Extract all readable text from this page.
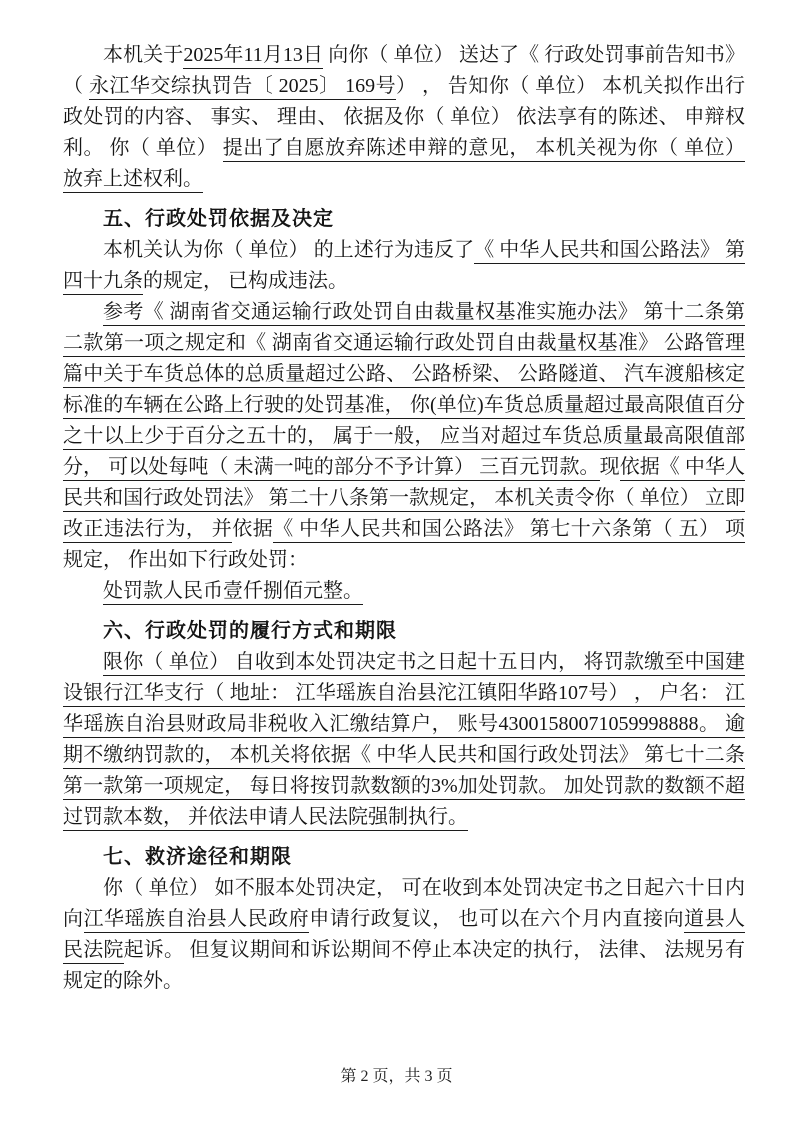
本机关于2025年11月13日 向你（ 单位） 送达了《 行政处罚事前告知书》（ 永江华交综执罚告〔 2025〕 169号） ， 告知你（ 单位） 本机关拟作出行政处罚的内容、 事实、 理由、 依据及你（ 单位） 依法享有的陈述、 申辩权利。 你（ 单位） 提出了自愿放弃陈述申辩的意见， 本机关视为你（ 单位） 放弃上述权利。

五、行政处罚依据及决定

本机关认为你（ 单位） 的上述行为违反了《 中华人民共和国公路法》 第四十九条的规定， 已构成违法。

参考《 湖南省交通运输行政处罚自由裁量权基准实施办法》 第十二条第二款第一项之规定和《 湖南省交通运输行政处罚自由裁量权基准》 公路管理篇中关于车货总体的总质量超过公路、 公路桥梁、 公路隧道、 汽车渡船核定标准的车辆在公路上行驶的处罚基准， 你(单位)车货总质量超过最高限值百分之十以上少于百分之五十的， 属于一般， 应当对超过车货总质量最高限值部分， 可以处每吨（ 未满一吨的部分不予计算） 三百元罚款。现依据《 中华人民共和国行政处罚法》 第二十八条第一款规定， 本机关责令你（ 单位） 立即改正违法行为， 并依据《 中华人民共和国公路法》 第七十六条第（ 五） 项规定， 作出如下行政处罚：

处罚款人民币壹仟捌佰元整。

六、行政处罚的履行方式和期限

限你（ 单位） 自收到本处罚决定书之日起十五日内， 将罚款缴至中国建设银行江华支行（ 地址： 江华瑶族自治县沱江镇阳华路107号） ， 户名： 江华瑶族自治县财政局非税收入汇缴结算户， 账号43001580071059998888。 逾期不缴纳罚款的， 本机关将依据《 中华人民共和国行政处罚法》 第七十二条第一款第一项规定， 每日将按罚款数额的3%加处罚款。 加处罚款的数额不超过罚款本数， 并依法申请人民法院强制执行。

七、救济途径和期限

你（ 单位） 如不服本处罚决定， 可在收到本处罚决定书之日起六十日内向江华瑶族自治县人民政府申请行政复议， 也可以在六个月内直接向道县人民法院起诉。 但复议期间和诉讼期间不停止本决定的执行， 法律、 法规另有规定的除外。

第 2 页，共 3 页
